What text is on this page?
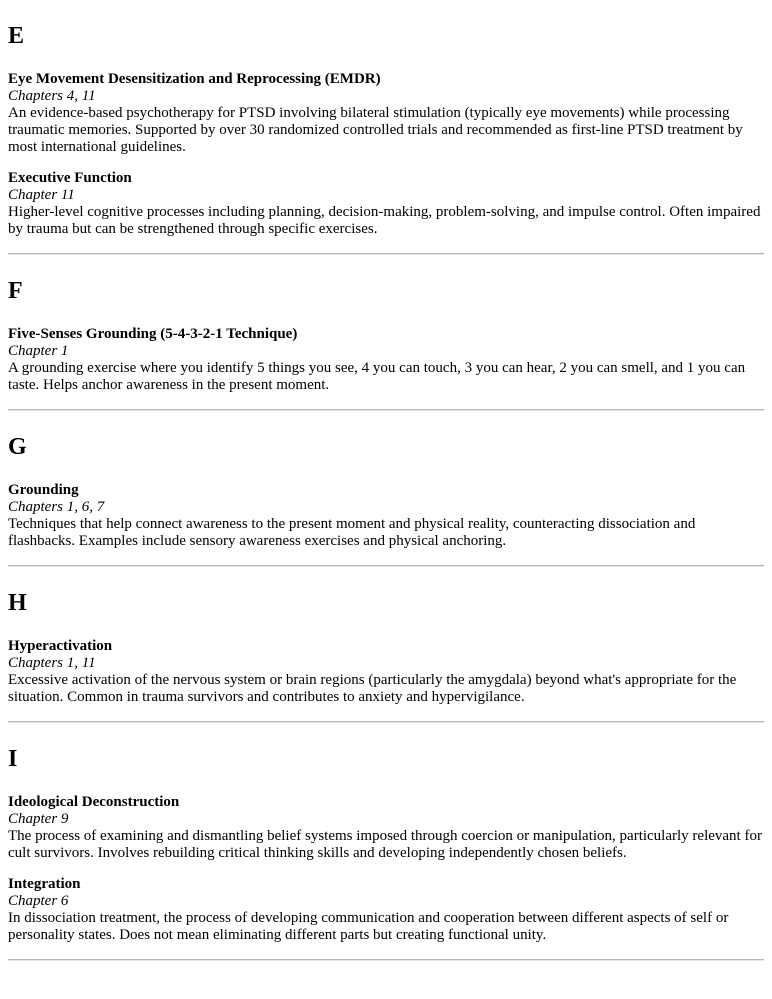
E
Eye Movement Desensitization and Reprocessing (EMDR)
Chapters 4, 11

An evidence-based psychotherapy for PTSD involving bilateral stimulation (typically eye movements) while processing traumatic memories. Supported by over 30 randomized controlled trials and recommended as first-line PTSD treatment by most international guidelines.

Executive Function
Chapter 11

Higher-level cognitive processes including planning, decision-making, problem-solving, and impulse control. Often impaired by trauma but can be strengthened through specific exercises.

F
Five-Senses Grounding (5-4-3-2-1 Technique)
Chapter 1

A grounding exercise where you identify 5 things you see, 4 you can touch, 3 you can hear, 2 you can smell, and 1 you can taste. Helps anchor awareness in the present moment.

G
Grounding
Chapters 1, 6, 7

Techniques that help connect awareness to the present moment and physical reality, counteracting dissociation and flashbacks. Examples include sensory awareness exercises and physical anchoring.

H
Hyperactivation
Chapters 1, 11

Excessive activation of the nervous system or brain regions (particularly the amygdala) beyond what's appropriate for the situation. Common in trauma survivors and contributes to anxiety and hypervigilance.

I
Ideological Deconstruction
Chapter 9

The process of examining and dismantling belief systems imposed through coercion or manipulation, particularly relevant for cult survivors. Involves rebuilding critical thinking skills and developing independently chosen beliefs.

Integration
Chapter 6

In dissociation treatment, the process of developing communication and cooperation between different aspects of self or personality states. Does not mean eliminating different parts but creating functional unity.
